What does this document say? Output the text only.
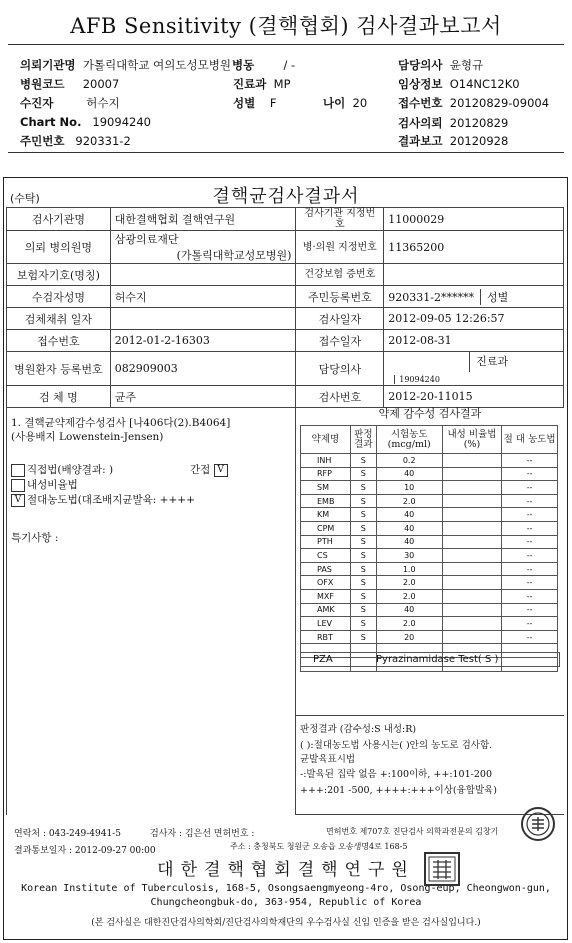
AFB Sensitivity (결핵협회) 검사결과보고서
의뢰기관명 가톨릭대학교 여의도성모병원
병원코드 20007
수진자	허수지
Chart No. 19094240
주민번호 920331-2
병동	/ -
진료과 MP
성별 F	나이 20
담당의사 윤형규
임상정보 O14NC12K0
접수번호 20120829-09004
검사의뢰 20120829
결과보고 20120928
(수탁)	결핵균검사결과서
검사기관명	대한결핵협회 결핵연구원	검사기관 지정번호	11000029
의뢰 병의원명	삼광의료재단
(가톨릭대학교성모병원)	병·의원 지정번호	11365200
보험자기호(명칭)		건강보험 증번호	
수검자성명	허수지	주민등록번호	920331-2****** 성별
검체채취 일자		검사일자	2012-09-05 12:26:57
접수번호	2012-01-2-16303	접수일자	2012-08-31
병원환자 등록번호	082909003	담당의사	진료과19094240
검 체 명	균주	검사번호	2012-20-11015
1. 결핵균약제감수성검사 [나406다(2).B4064]
(사용배지 Lowenstein-Jensen)
직접법(배양결과: )	간접 V
내성비율법
V 절대농도법(대조배지균발육: ++++
특기사항 :
약제 감수성 검사결과
약제명	판정 결과	시험농도 (mcg/ml)	내성 비율법(%)	절 대 농도법
INH	S	0.2		--
RFP	S	40		--
SM	S	10		--
EMB	S	2.0		--
KM	S	40		--
CPM	S	40		--
PTH	S	40		--
CS	S	30		--
PAS	S	1.0		--
OFX	S	2.0		--
MXF	S	2.0		--
AMK	S	40		--
LEV	S	2.0		--
RBT	S	20		--

PZA	Pyrazinamidase Test( S )
판정결과 (감수성:S 내성:R)
( ):절대농도법 사용시는( )안의 농도로 검사함.
균발육표시법
-:발육된 집락 없음 +:100이하, ++:101-200
+++:201 -500, ++++:+++이상(융합발육)
연락처 : 043-249-4941-5	검사자 : 김은선 면허번호 :	면허번호 제707호 진단검사 의학과전문의 김창기
결과통보일자 : 2012-09-27 00:00	주소 : 충청북도 청원군 오송읍 오송생명4로 168-5
대한결핵협회결핵연구원
Korean Institute of Tuberculosis, 168-5, Osongsaengmyeong-4ro, Osong-eup, Cheongwon-gun,
Chungcheongbuk-do, 363-954, Republic of Korea
(본 검사실은 대한진단검사의학회/진단검사의학재단의 우수검사실 신임 인증을 받은 검사실입니다.)
